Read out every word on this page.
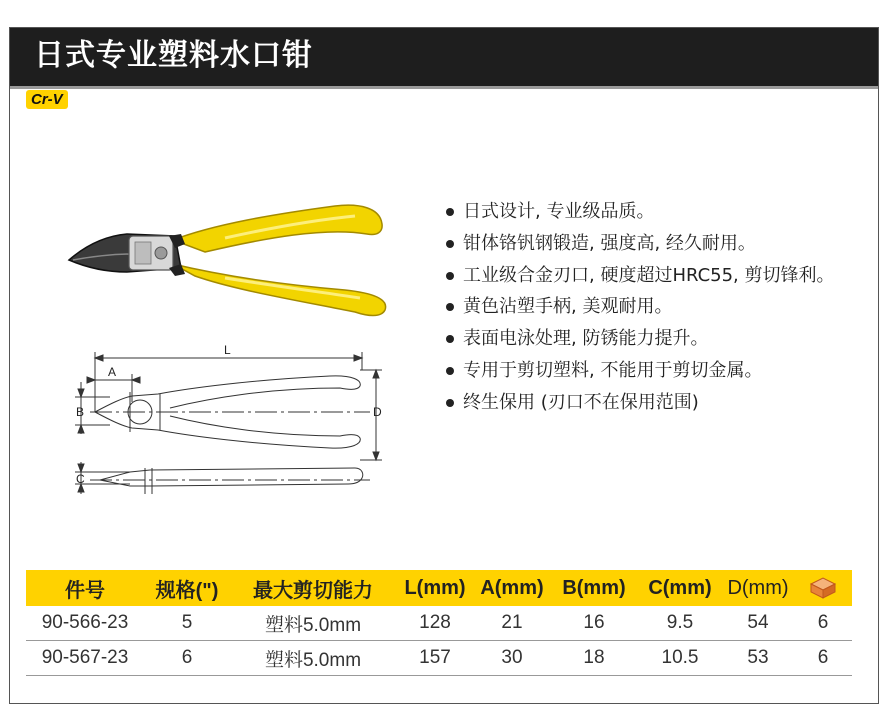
日式专业塑料水口钳
Cr-V
L
A
B	D
C
日式设计, 专业级品质。
钳体铬钒钢锻造, 强度高, 经久耐用。
工业级合金刃口, 硬度超过HRC55, 剪切锋利。
黄色沾塑手柄, 美观耐用。
表面电泳处理, 防锈能力提升。
专用于剪切塑料, 不能用于剪切金属。
终生保用 (刃口不在保用范围)
件号	规格(")	最大剪切能力	L(mm)	A(mm)	B(mm)	C(mm)	D(mm)	
90-566-23	5	塑料5.0mm	128	21	16	9.5	54	6
90-567-23	6	塑料5.0mm	157	30	18	10.5	53	6
